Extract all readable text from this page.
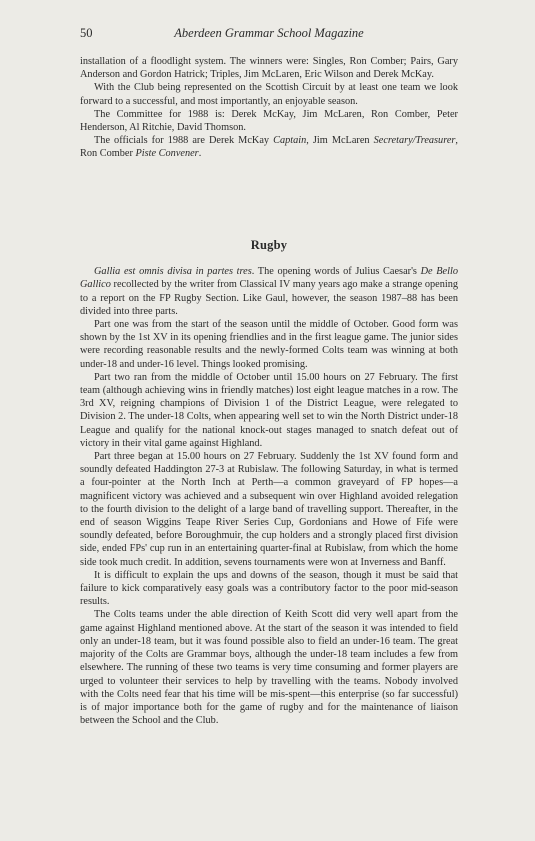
50	Aberdeen Grammar School Magazine

installation of a floodlight system. The winners were: Singles, Ron Comber; Pairs, Gary Anderson and Gordon Hatrick; Triples, Jim McLaren, Eric Wilson and Derek McKay.

With the Club being represented on the Scottish Circuit by at least one team we look forward to a successful, and most importantly, an enjoyable season.

The Committee for 1988 is: Derek McKay, Jim McLaren, Ron Comber, Peter Henderson, Al Ritchie, David Thomson.

The officials for 1988 are Derek McKay Captain, Jim McLaren Secretary/Treasurer, Ron Comber Piste Convener.

Rugby

Gallia est omnis divisa in partes tres. The opening words of Julius Caesar's De Bello Gallico recollected by the writer from Classical IV many years ago make a strange opening to a report on the FP Rugby Section. Like Gaul, however, the season 1987–88 has been divided into three parts.

Part one was from the start of the season until the middle of October. Good form was shown by the 1st XV in its opening friendlies and in the first league game. The junior sides were recording reasonable results and the newly-formed Colts team was winning at both under-18 and under-16 level. Things looked promising.

Part two ran from the middle of October until 15.00 hours on 27 February. The first team (although achieving wins in friendly matches) lost eight league matches in a row. The 3rd XV, reigning champions of Division 1 of the District League, were relegated to Division 2. The under-18 Colts, when appearing well set to win the North District under-18 League and qualify for the national knock-out stages managed to snatch defeat out of victory in their vital game against Highland.

Part three began at 15.00 hours on 27 February. Suddenly the 1st XV found form and soundly defeated Haddington 27-3 at Rubislaw. The following Saturday, in what is termed a four-pointer at the North Inch at Perth—a common graveyard of FP hopes—a magnificent victory was achieved and a subsequent win over Highland avoided relegation to the fourth division to the delight of a large band of travelling support. Thereafter, in the end of season Wiggins Teape River Series Cup, Gordonians and Howe of Fife were soundly defeated, before Boroughmuir, the cup holders and a strongly placed first division side, ended FPs' cup run in an entertaining quarter-final at Rubislaw, from which the home side took much credit. In addition, sevens tournaments were won at Inverness and Banff.

It is difficult to explain the ups and downs of the season, though it must be said that failure to kick comparatively easy goals was a contributory factor to the poor mid-season results.

The Colts teams under the able direction of Keith Scott did very well apart from the game against Highland mentioned above. At the start of the season it was intended to field only an under-18 team, but it was found possible also to field an under-16 team. The great majority of the Colts are Grammar boys, although the under-18 team includes a few from elsewhere. The running of these two teams is very time consuming and former players are urged to volunteer their services to help by travelling with the teams. Nobody involved with the Colts need fear that his time will be mis-spent—this enterprise (so far successful) is of major importance both for the game of rugby and for the maintenance of liaison between the School and the Club.
